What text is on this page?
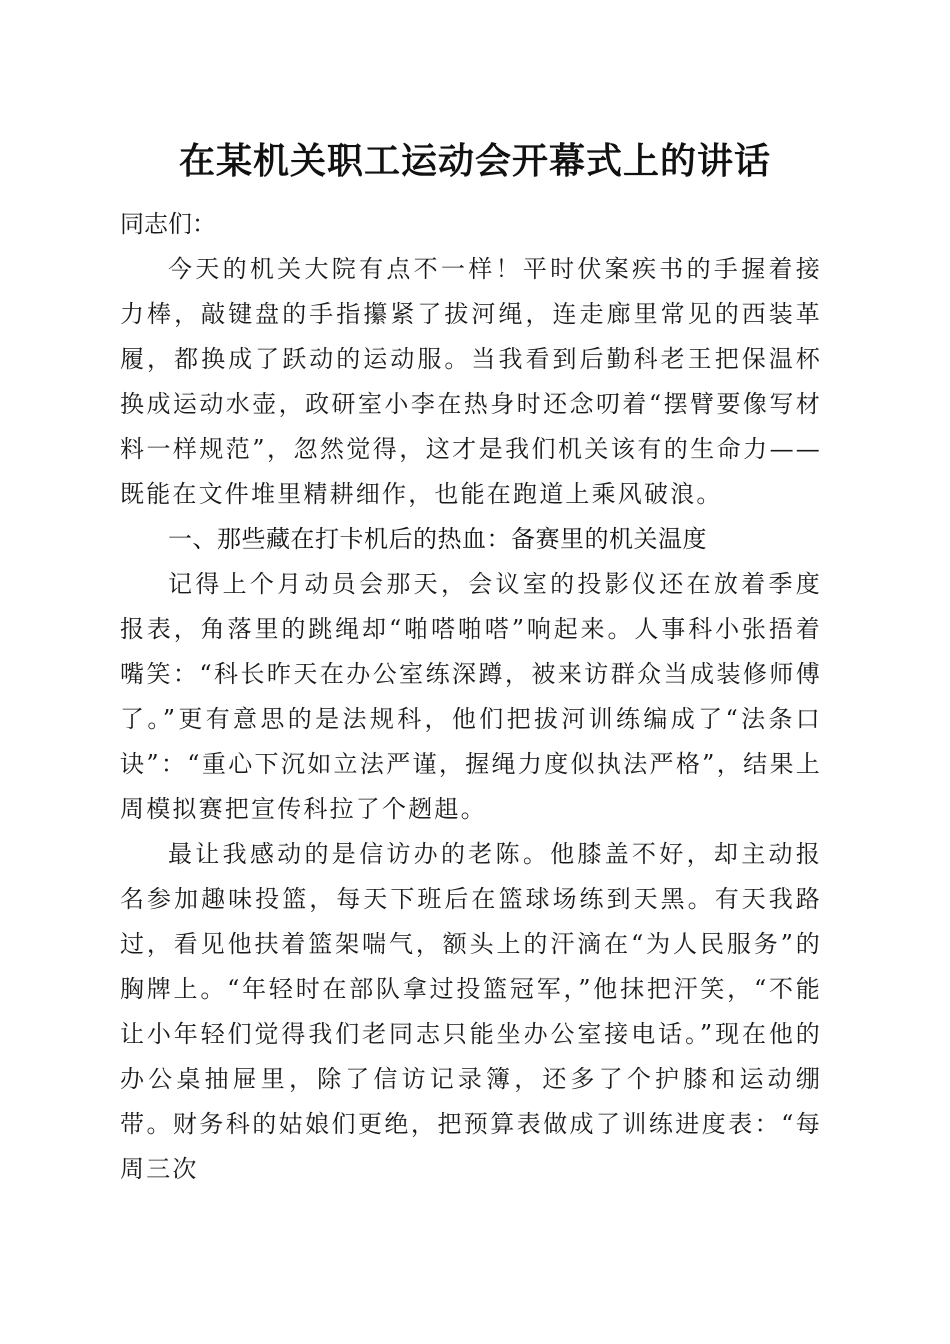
在某机关职工运动会开幕式上的讲话

同志们：

今天的机关大院有点不一样！平时伏案疾书的手握着接力棒，敲键盘的手指攥紧了拔河绳，连走廊里常见的西装革履，都换成了跃动的运动服。当我看到后勤科老王把保温杯换成运动水壶，政研室小李在热身时还念叨着“摆臂要像写材料一样规范”，忽然觉得，这才是我们机关该有的生命力——既能在文件堆里精耕细作，也能在跑道上乘风破浪。

一、那些藏在打卡机后的热血：备赛里的机关温度

记得上个月动员会那天，会议室的投影仪还在放着季度报表，角落里的跳绳却“啪嗒啪嗒”响起来。人事科小张捂着嘴笑：“科长昨天在办公室练深蹲，被来访群众当成装修师傅了。”更有意思的是法规科，他们把拔河训练编成了“法条口诀”：“重心下沉如立法严谨，握绳力度似执法严格”，结果上周模拟赛把宣传科拉了个趔趄。

最让我感动的是信访办的老陈。他膝盖不好，却主动报名参加趣味投篮，每天下班后在篮球场练到天黑。有天我路过，看见他扶着篮架喘气，额头上的汗滴在“为人民服务”的胸牌上。“年轻时在部队拿过投篮冠军，”他抹把汗笑，“不能让小年轻们觉得我们老同志只能坐办公室接电话。”现在他的办公桌抽屉里，除了信访记录簿，还多了个护膝和运动绷带。财务科的姑娘们更绝，把预算表做成了训练进度表：“每周三次
